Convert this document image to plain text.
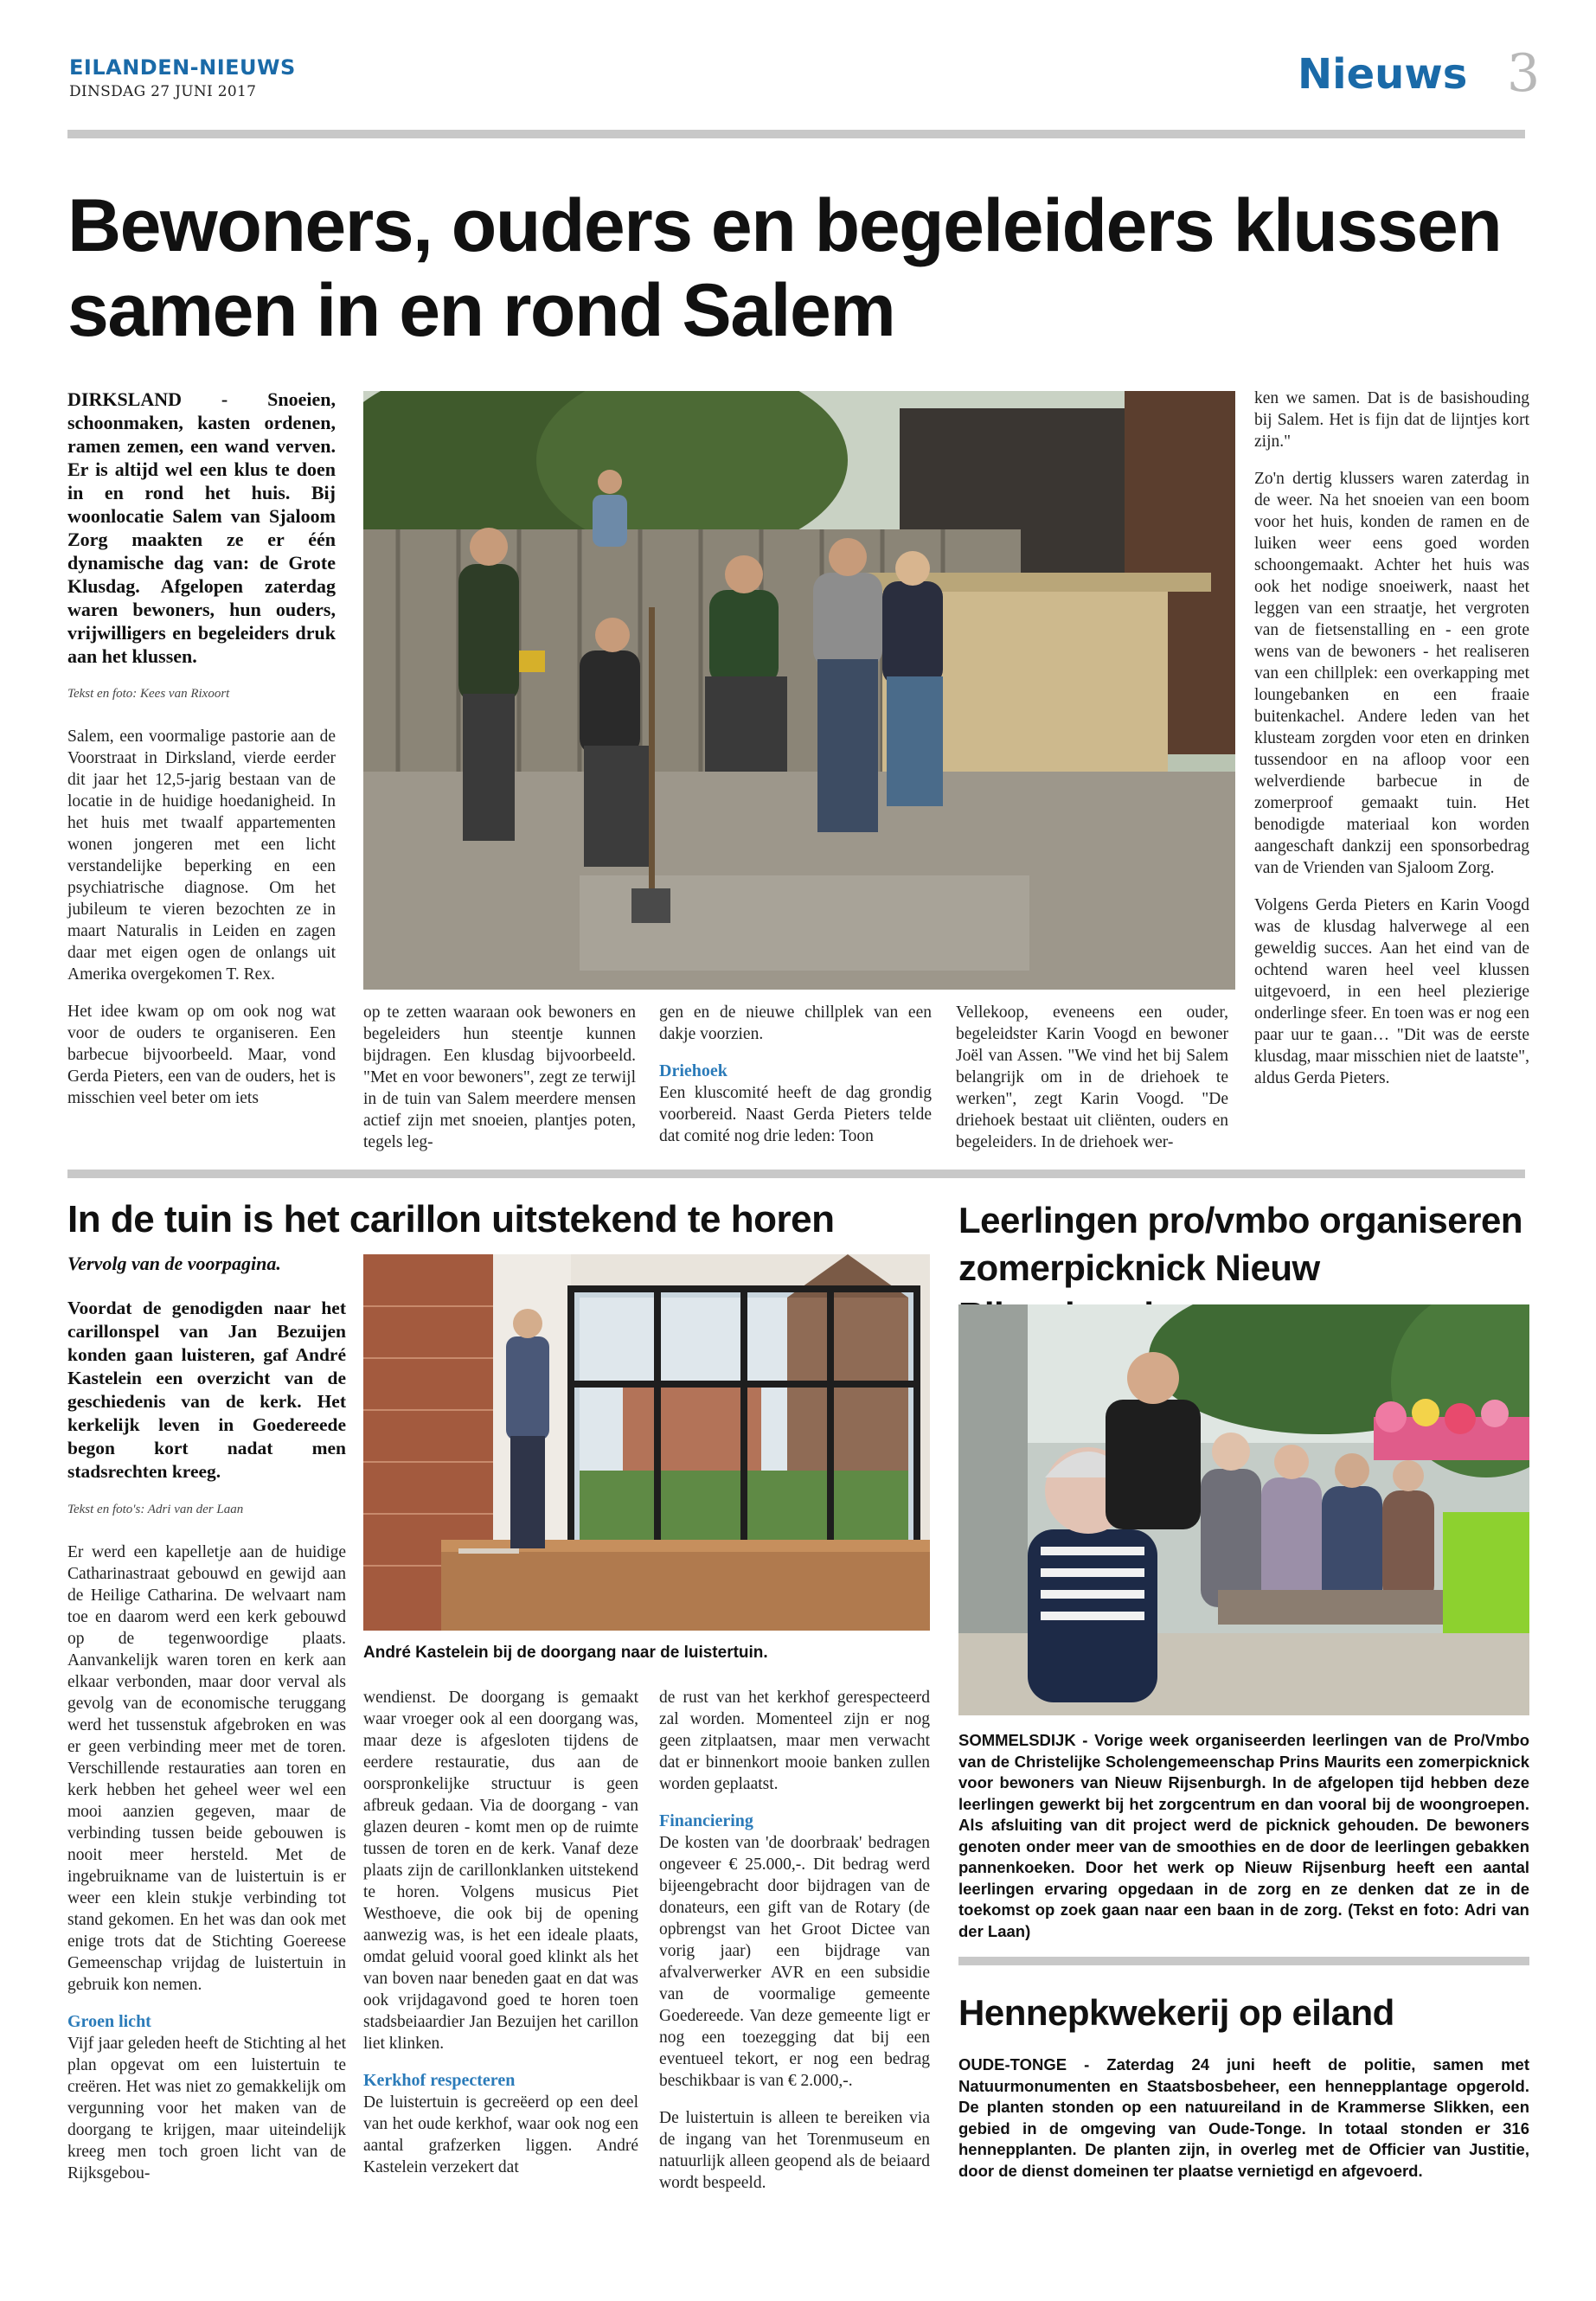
EILANDEN-NIEUWS
DINSDAG 27 JUNI 2017	Nieuws 3
Bewoners, ouders en begeleiders klussen samen in en rond Salem

DIRKSLAND - Snoeien, schoonmaken, kasten ordenen, ramen zemen, een wand verven. Er is altijd wel een klus te doen in en rond het huis. Bij woonlocatie Salem van Sjaloom Zorg maakten ze er één dynamische dag van: de Grote Klusdag. Afgelopen zaterdag waren bewoners, hun ouders, vrijwilligers en begeleiders druk aan het klussen.

Tekst en foto: Kees van Rixoort

Salem, een voormalige pastorie aan de Voorstraat in Dirksland, vierde eerder dit jaar het 12,5-jarig bestaan van de locatie in de huidige hoedanigheid. In het huis met twaalf appartementen wonen jongeren met een licht verstandelijke beperking en een psychiatrische diagnose. Om het jubileum te vieren bezochten ze in maart Naturalis in Leiden en zagen daar met eigen ogen de onlangs uit Amerika overgekomen T. Rex.

Het idee kwam op om ook nog wat voor de ouders te organiseren. Een barbecue bijvoorbeeld. Maar, vond Gerda Pieters, een van de ouders, het is misschien veel beter om iets

op te zetten waaraan ook bewoners en begeleiders hun steentje kunnen bijdragen. Een klusdag bijvoorbeeld. "Met en voor bewoners", zegt ze terwijl in de tuin van Salem meerdere mensen actief zijn met snoeien, plantjes poten, tegels leg-

gen en de nieuwe chillplek van een dakje voorzien.

Driehoek

Een kluscomité heeft de dag grondig voorbereid. Naast Gerda Pieters telde dat comité nog drie leden: Toon

Vellekoop, eveneens een ouder, begeleidster Karin Voogd en bewoner Joël van Assen. "We vind het bij Salem belangrijk om in de driehoek te werken", zegt Karin Voogd. "De driehoek bestaat uit cliënten, ouders en begeleiders. In de driehoek wer-

ken we samen. Dat is de basishouding bij Salem. Het is fijn dat de lijntjes kort zijn."

Zo'n dertig klussers waren zaterdag in de weer. Na het snoeien van een boom voor het huis, konden de ramen en de luiken weer eens goed worden schoongemaakt. Achter het huis was ook het nodige snoeiwerk, naast het leggen van een straatje, het vergroten van de fietsenstalling en - een grote wens van de bewoners - het realiseren van een chillplek: een overkapping met loungebanken en een fraaie buitenkachel. Andere leden van het klusteam zorgden voor eten en drinken tussendoor en na afloop voor een welverdiende barbecue in de zomerproof gemaakt tuin. Het benodigde materiaal kon worden aangeschaft dankzij een sponsorbedrag van de Vrienden van Sjaloom Zorg.

Volgens Gerda Pieters en Karin Voogd was de klusdag halverwege al een geweldig succes. Aan het eind van de ochtend waren heel veel klussen uitgevoerd, in een heel plezierige onderlinge sfeer. En toen was er nog een paar uur te gaan… "Dit was de eerste klusdag, maar misschien niet de laatste", aldus Gerda Pieters.

In de tuin is het carillon uitstekend te horen

Vervolg van de voorpagina.

Voordat de genodigden naar het carillonspel van Jan Bezuijen konden gaan luisteren, gaf André Kastelein een overzicht van de geschiedenis van de kerk. Het kerkelijk leven in Goedereede begon kort nadat men stadsrechten kreeg.

Tekst en foto's: Adri van der Laan

Er werd een kapelletje aan de huidige Catharinastraat gebouwd en gewijd aan de Heilige Catharina. De welvaart nam toe en daarom werd een kerk gebouwd op de tegenwoordige plaats. Aanvankelijk waren toren en kerk aan elkaar verbonden, maar door verval als gevolg van de economische teruggang werd het tussenstuk afgebroken en was er geen verbinding meer met de toren. Verschillende restauraties aan toren en kerk hebben het geheel weer wel een mooi aanzien gegeven, maar de verbinding tussen beide gebouwen is nooit meer hersteld. Met de ingebruikname van de luistertuin is er weer een klein stukje verbinding tot stand gekomen. En het was dan ook met enige trots dat de Stichting Goereese Gemeenschap vrijdag de luistertuin in gebruik kon nemen.

Groen licht

Vijf jaar geleden heeft de Stichting al het plan opgevat om een luistertuin te creëren. Het was niet zo gemakkelijk om vergunning voor het maken van de doorgang te krijgen, maar uiteindelijk kreeg men toch groen licht van de Rijksgebou-

André Kastelein bij de doorgang naar de luistertuin.

wendienst. De doorgang is gemaakt waar vroeger ook al een doorgang was, maar deze is afgesloten tijdens de eerdere restauratie, dus aan de oorspronkelijke structuur is geen afbreuk gedaan. Via de doorgang - van glazen deuren - komt men op de ruimte tussen de toren en de kerk. Vanaf deze plaats zijn de carillonklanken uitstekend te horen. Volgens musicus Piet Westhoeve, die ook bij de opening aanwezig was, is het een ideale plaats, omdat geluid vooral goed klinkt als het van boven naar beneden gaat en dat was ook vrijdagavond goed te horen toen stadsbeiaardier Jan Bezuijen het carillon liet klinken.

Kerkhof respecteren

De luistertuin is gecreëerd op een deel van het oude kerkhof, waar ook nog een aantal grafzerken liggen. André Kastelein verzekert dat

de rust van het kerkhof gerespecteerd zal worden. Momenteel zijn er nog geen zitplaatsen, maar men verwacht dat er binnenkort mooie banken zullen worden geplaatst.

Financiering

De kosten van 'de doorbraak' bedragen ongeveer € 25.000,-. Dit bedrag werd bijeengebracht door bijdragen van de donateurs, een gift van de Rotary (de opbrengst van het Groot Dictee van vorig jaar) een bijdrage van afvalverwerker AVR en een subsidie van de voormalige gemeente Goedereede. Van deze gemeente ligt er nog een toezegging dat bij een eventueel tekort, er nog een bedrag beschikbaar is van € 2.000,-.

De luistertuin is alleen te bereiken via de ingang van het Torenmuseum en natuurlijk alleen geopend als de beiaard wordt bespeeld.

Leerlingen pro/vmbo organiseren zomerpicknick Nieuw
SOMMELSDIJK - Vorige week organiseerden leerlingen van de Pro/Vmbo van de Christelijke Scholengemeenschap Prins Maurits een zomerpicknick voor bewoners van Nieuw Rijsenburgh. In de afgelopen tijd hebben deze leerlingen gewerkt bij het zorgcentrum en dan vooral bij de woongroepen. Als afsluiting van dit project werd de picknick gehouden. De bewoners genoten onder meer van de smoothies en de door de leerlingen gebakken pannenkoeken. Door het werk op Nieuw Rijsenburg heeft een aantal leerlingen ervaring opgedaan in de zorg en ze denken dat ze in de toekomst op zoek gaan naar een baan in de zorg. (Tekst en foto: Adri van der Laan)
Hennepkwekerij op eiland
OUDE-TONGE - Zaterdag 24 juni heeft de politie, samen met Natuurmonumenten en Staatsbosbeheer, een hennepplantage opgerold. De planten stonden op een natuureiland in de Krammerse Slikken, een gebied in de omgeving van Oude-Tonge. In totaal stonden er 316 hennepplanten. De planten zijn, in overleg met de Officier van Justitie, door de dienst domeinen ter plaatse vernietigd en afgevoerd.
